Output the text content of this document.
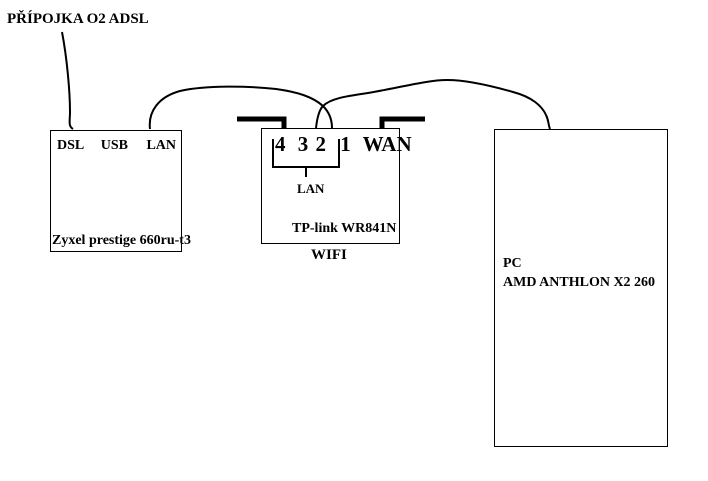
PŘÍPOJKA O2 ADSL
DSL USB LAN
Zyxel prestige 660ru-t3
4 3 2 1 WAN
LAN
TP-link WR841N
WIFI
PC
AMD ANTHLON X2 260
